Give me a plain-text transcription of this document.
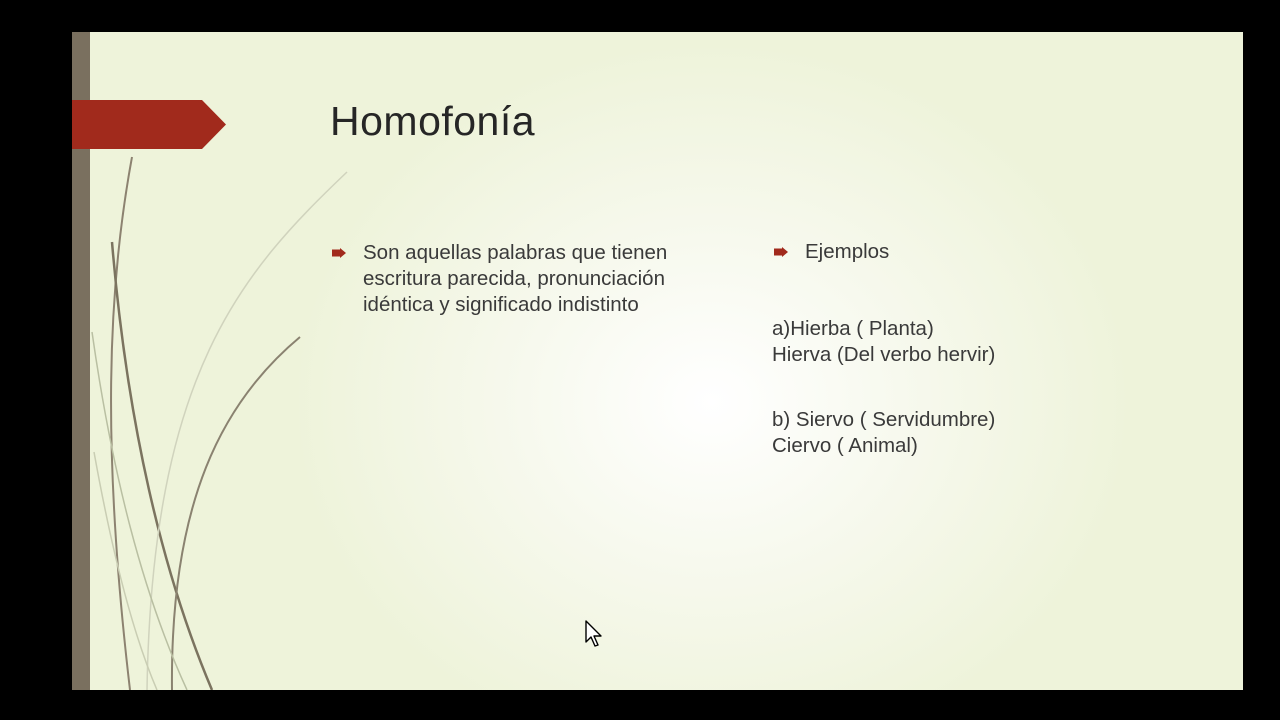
Homofonía
Son aquellas palabras que tienen escritura parecida, pronunciación idéntica y significado indistinto
Ejemplos
a)Hierba ( Planta)
Hierva (Del verbo hervir)
b) Siervo ( Servidumbre)
Ciervo ( Animal)
